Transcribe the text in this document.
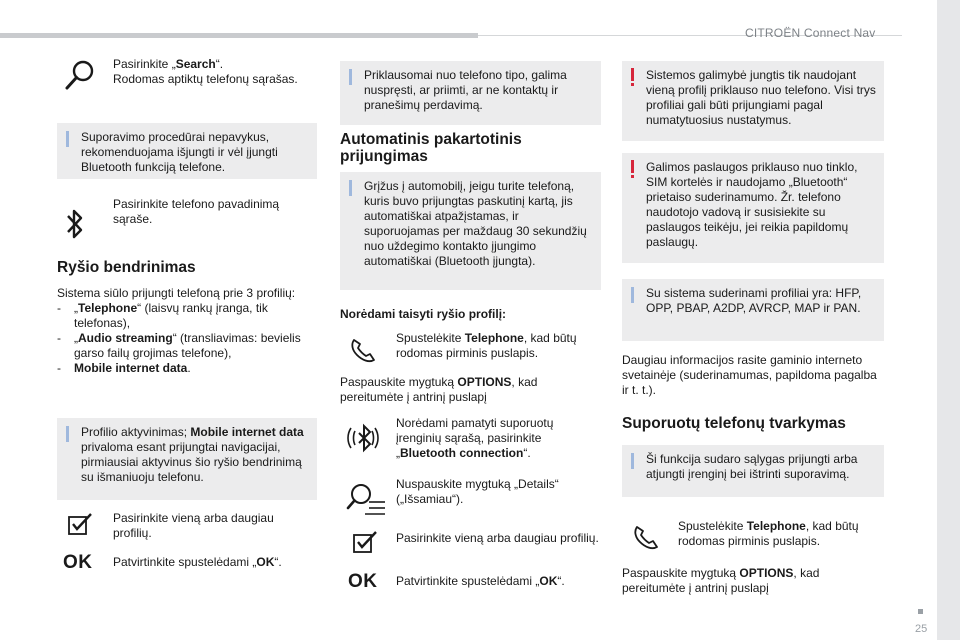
CITROËN Connect Nav
25
Pasirinkite „Search“.
Rodomas aptiktų telefonų sąrašas.
Suporavimo procedūrai nepavykus, rekomenduojama išjungti ir vėl įjungti Bluetooth funkciją telefone.
Pasirinkite telefono pavadinimą sąraše.
Ryšio bendrinimas
Sistema siūlo prijungti telefoną prie 3 profilių:
- „Telephone“ (laisvų rankų įranga, tik telefonas),
- „Audio streaming“ (transliavimas: bevielis garso failų grojimas telefone),
- Mobile internet data.
Profilio aktyvinimas; Mobile internet data privaloma esant prijungtai navigacijai, pirmiausiai aktyvinus šio ryšio bendrinimą su išmaniuoju telefonu.
Pasirinkite vieną arba daugiau profilių.
OK Patvirtinkite spustelėdami „OK“.
Priklausomai nuo telefono tipo, galima nuspręsti, ar priimti, ar ne kontaktų ir pranešimų perdavimą.
Automatinis pakartotinis prijungimas
Grįžus į automobilį, jeigu turite telefoną, kuris buvo prijungtas paskutinį kartą, jis automatiškai atpažįstamas, ir suporuojamas per maždaug 30 sekundžių nuo uždegimo kontakto įjungimo automatiškai (Bluetooth įjungta).
Norėdami taisyti ryšio profilį:
Spustelėkite Telephone, kad būtų rodomas pirminis puslapis.
Paspauskite mygtuką OPTIONS, kad pereitumėte į antrinį puslapį
Norėdami pamatyti suporuotų įrenginių sąrašą, pasirinkite „Bluetooth connection“.
Nuspauskite mygtuką „Details“ („Išsamiau“).
Pasirinkite vieną arba daugiau profilių.
OK Patvirtinkite spustelėdami „OK“.
Sistemos galimybė jungtis tik naudojant vieną profilį priklauso nuo telefono. Visi trys profiliai gali būti prijungiami pagal numatytuosius nustatymus.
Galimos paslaugos priklauso nuo tinklo, SIM kortelės ir naudojamo „Bluetooth“ prietaiso suderinamumo. Žr. telefono naudotojo vadovą ir susisiekite su paslaugos teikėju, jei reikia papildomų paslaugų.
Su sistema suderinami profiliai yra: HFP, OPP, PBAP, A2DP, AVRCP, MAP ir PAN.
Daugiau informacijos rasite gaminio interneto svetainėje (suderinamumas, papildoma pagalba ir t. t.).
Suporuotų telefonų tvarkymas
Ši funkcija sudaro sąlygas prijungti arba atjungti įrenginį bei ištrinti suporavimą.
Spustelėkite Telephone, kad būtų rodomas pirminis puslapis.
Paspauskite mygtuką OPTIONS, kad pereitumėte į antrinį puslapį
